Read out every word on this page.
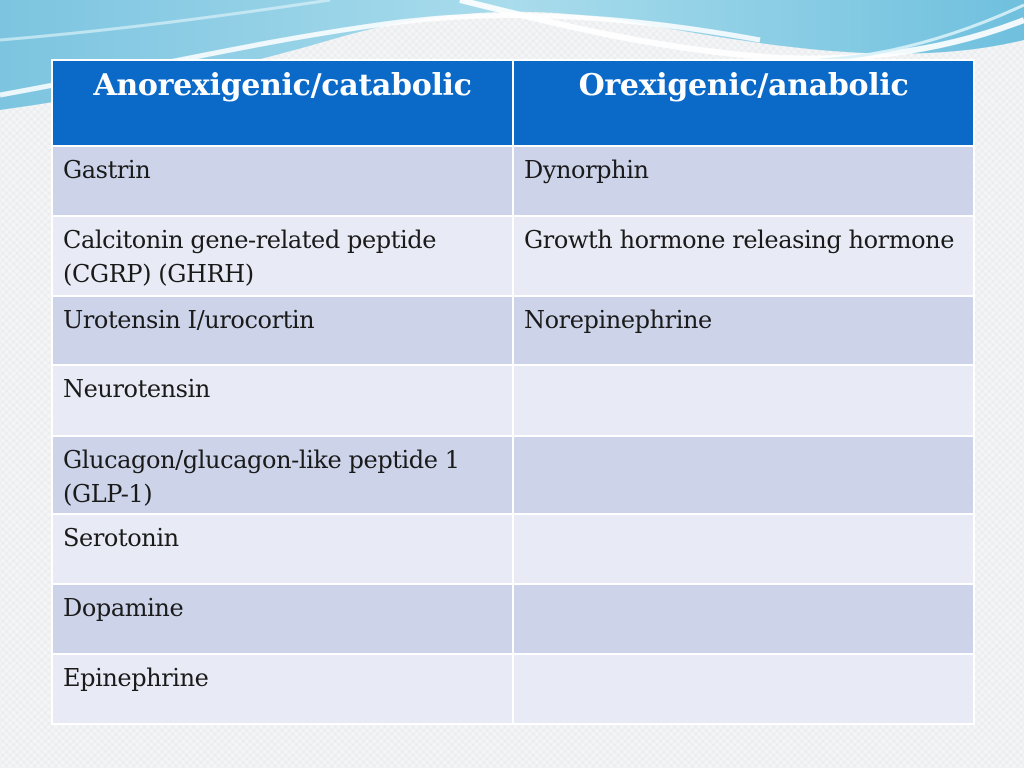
Anorexigenic/catabolic	Orexigenic/anabolic
Gastrin	Dynorphin
Calcitonin gene-related peptide (CGRP) (GHRH)	Growth hormone releasing hormone
Urotensin I/urocortin	Norepinephrine
Neurotensin	
Glucagon/glucagon-like peptide 1 (GLP-1)	
Serotonin	
Dopamine	
Epinephrine	
